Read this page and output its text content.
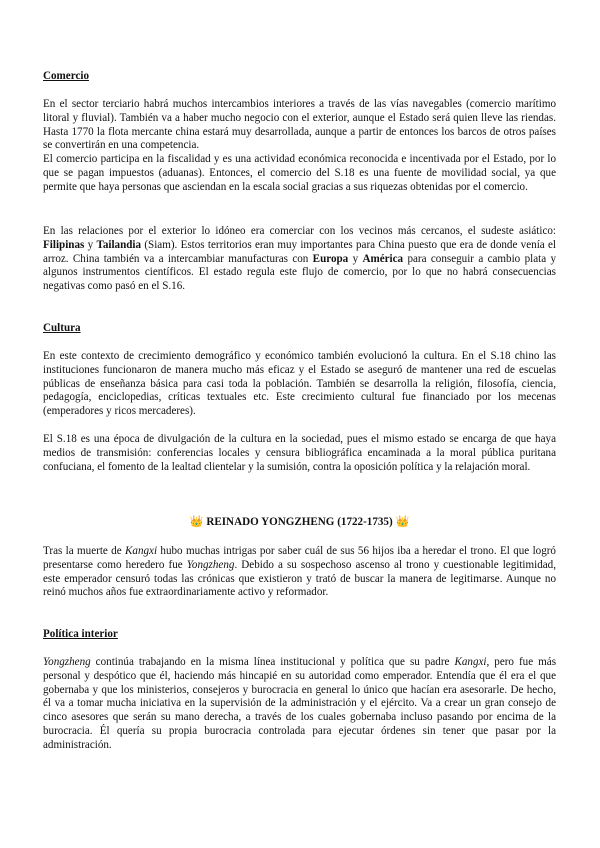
Comercio

En el sector terciario habrá muchos intercambios interiores a través de las vías navegables (comercio marítimo litoral y fluvial). También va a haber mucho negocio con el exterior, aunque el Estado será quien lleve las riendas. Hasta 1770 la flota mercante china estará muy desarrollada, aunque a partir de entonces los barcos de otros países se convertirán en una competencia.

El comercio participa en la fiscalidad y es una actividad económica reconocida e incentivada por el Estado, por lo que se pagan impuestos (aduanas). Entonces, el comercio del S.18 es una fuente de movilidad social, ya que permite que haya personas que asciendan en la escala social gracias a sus riquezas obtenidas por el comercio.

En las relaciones por el exterior lo idóneo era comerciar con los vecinos más cercanos, el sudeste asiático: Filipinas y Tailandia (Siam). Estos territorios eran muy importantes para China puesto que era de donde venía el arroz. China también va a intercambiar manufacturas con Europa y América para conseguir a cambio plata y algunos instrumentos científicos. El estado regula este flujo de comercio, por lo que no habrá consecuencias negativas como pasó en el S.16.

Cultura

En este contexto de crecimiento demográfico y económico también evolucionó la cultura. En el S.18 chino las instituciones funcionaron de manera mucho más eficaz y el Estado se aseguró de mantener una red de escuelas públicas de enseñanza básica para casi toda la población. También se desarrolla la religión, filosofía, ciencia, pedagogía, enciclopedias, críticas textuales etc. Este crecimiento cultural fue financiado por los mecenas (emperadores y ricos mercaderes).

El S.18 es una época de divulgación de la cultura en la sociedad, pues el mismo estado se encarga de que haya medios de transmisión: conferencias locales y censura bibliográfica encaminada a la moral pública puritana confuciana, el fomento de la lealtad clientelar y la sumisión, contra la oposición política y la relajación moral.

👑 REINADO YONGZHENG (1722-1735) 👑

Tras la muerte de Kangxi hubo muchas intrigas por saber cuál de sus 56 hijos iba a heredar el trono. El que logró presentarse como heredero fue Yongzheng. Debido a su sospechoso ascenso al trono y cuestionable legitimidad, este emperador censuró todas las crónicas que existieron y trató de buscar la manera de legitimarse. Aunque no reinó muchos años fue extraordinariamente activo y reformador.

Política interior

Yongzheng continúa trabajando en la misma línea institucional y política que su padre Kangxi, pero fue más personal y despótico que él, haciendo más hincapié en su autoridad como emperador. Entendía que él era el que gobernaba y que los ministerios, consejeros y burocracia en general lo único que hacían era asesorarle. De hecho, él va a tomar mucha iniciativa en la supervisión de la administración y el ejército. Va a crear un gran consejo de cinco asesores que serán su mano derecha, a través de los cuales gobernaba incluso pasando por encima de la burocracia. Él quería su propia burocracia controlada para ejecutar órdenes sin tener que pasar por la administración.
